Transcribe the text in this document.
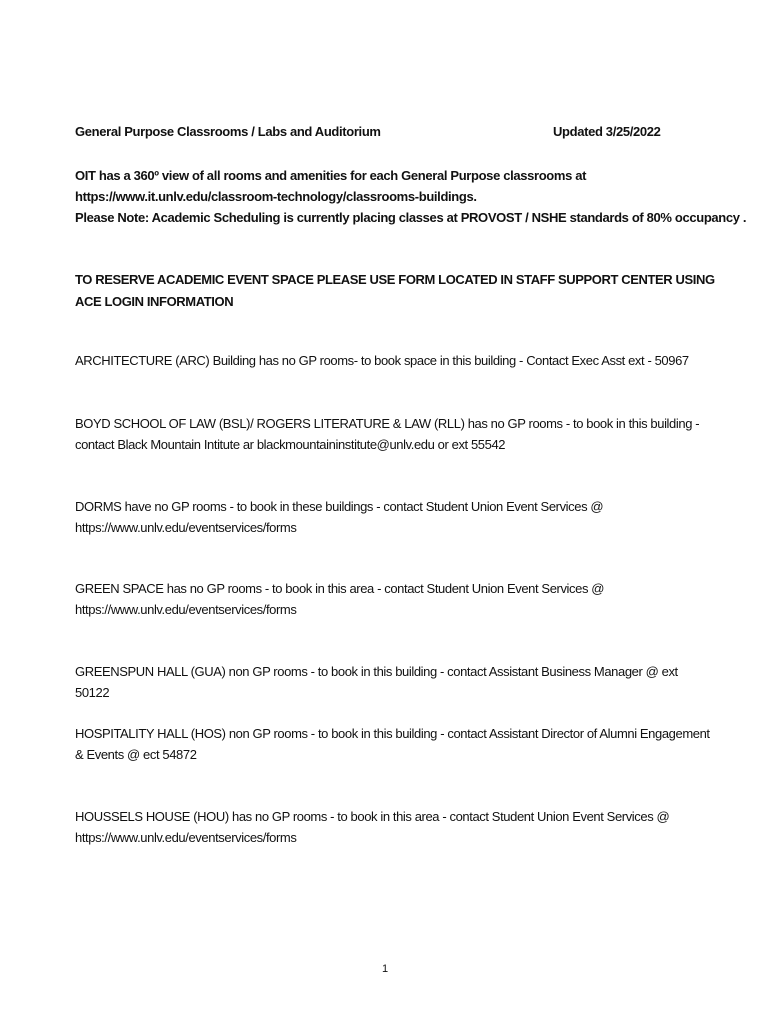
General Purpose Classrooms / Labs and Auditorium	Updated 3/25/2022

OIT has a 360º view of all rooms and amenities for each General Purpose classrooms at

https://www.it.unlv.edu/classroom-technology/classrooms-buildings.

Please Note: Academic Scheduling is currently placing classes at PROVOST / NSHE standards of 80% occupancy .

TO RESERVE ACADEMIC EVENT SPACE PLEASE USE FORM LOCATED IN STAFF SUPPORT CENTER USING ACE LOGIN INFORMATION
ARCHITECTURE (ARC) Building has no GP rooms- to book space in this building - Contact Exec Asst ext - 50967
BOYD SCHOOL OF LAW (BSL)/ ROGERS LITERATURE & LAW (RLL) has no GP rooms - to book in this building - contact Black Mountain Intitute ar blackmountaininstitute@unlv.edu or ext 55542
DORMS have no GP rooms - to book in these buildings - contact Student Union Event Services @ https://www.unlv.edu/eventservices/forms
GREEN SPACE has no GP rooms - to book in this area - contact Student Union Event Services @ https://www.unlv.edu/eventservices/forms
GREENSPUN HALL (GUA) non GP rooms - to book in this building - contact Assistant Business Manager @ ext 50122
HOSPITALITY HALL (HOS) non GP rooms - to book in this building - contact Assistant Director of Alumni Engagement & Events @ ect 54872
HOUSSELS HOUSE (HOU) has no GP rooms - to book in this area - contact Student Union Event Services @ https://www.unlv.edu/eventservices/forms
1
